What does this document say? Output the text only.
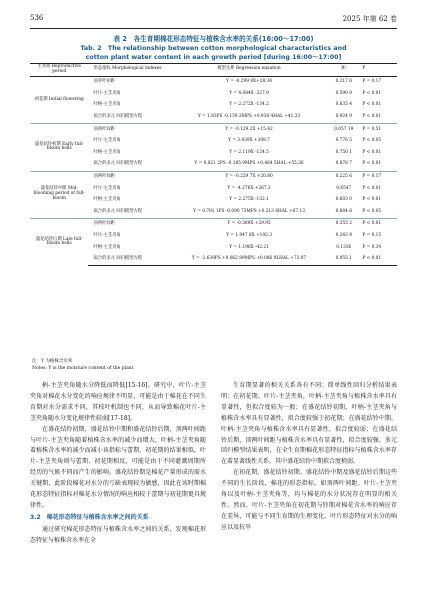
536	2025 年第 62 卷
表 2　各生育期棉花形态特征与植株含水率的关系(16:00～17:00)
Tab. 2　The relationship between cotton morphological characteristics and
cotton plant water content in each growth period [during 16:00～17:00]
生育期 Reproductive period	形态指标 Morphological indexes	模型关系 Regression equation	R²	P
初花期 Initial flowering	顶芽叶初距	Y = -0.299 8X+28.34	0.217 6	P = 0.17
	叶片-主茎夹角	Y = 4.084X -327.9	0.590 9	P < 0.01
	叶柄-主茎夹角	Y = 2.272X -134.2	0.635 4	P < 0.01
	拟合的多元 回归模型方程	Y = 1.83PS -0.159 3MPS +0.938 4HAL +41.33	0.924 9	P < 0.01
盛花结铃初期 Early full-bloom bolls	顶两叶间距	Y = -0.129 2X +15.42	0.057 19	P = 0.51
	叶片-主茎夹角	Y = 3.439X +308.7	0.776 5	P < 0.05
	叶柄-主茎夹角	Y = 2.119X -124.5	0.750 1	P < 0.01
	拟合的多元 回归模型方程	Y = 0.821 2PS -0.185 9MPS +0.464 5HAL +55.36	0.878 7	P < 0.01
盛花结铃中期 Mid-blooming period of full-bloom	顶两叶间距	Y = -0.229 7X +20.80	0.225 6	P = 0.17
	叶片-主茎夹角	Y = -4.276X +267.3	0.6547	P < 0.01
	叶柄-主茎夹角	Y = 2.275X -132.1	0.603 0	P < 0.01
	拟合的多元 回归模型方程	Y = 0.781 1PS -0.090 73MPS +0.213 8HAL +67.13	0.684 8	P < 0.05
盛花结铃后期 Late full-bloom bolls	顶两叶间距	Y = -0.369X +29.95	0.355 2	P < 0.01
	叶片-主茎夹角	Y = 1.947 8X +192.3	0.243 9	P = 0.15
	叶柄-主茎夹角	Y = 1.196X -42.21	0.1336	P = 0.34
	拟合的多元 回归模型方程	Y = -2.639PS +0.062 89MPS +0.086 9LHAL +73.87	0.955 1	P < 0.01
注：Y 为植株含水率
Notes: Y is the moisture content of the plant

柄-主茎夹角随水分降低而降低[15-16]。研究中，叶片-主茎夹角对棉花水分变化的响应规律不明显，可能是由于棉花在不同生育期对水分需求不同，其枝叶机制也不同，从而导致棉花叶片-主茎夹角随水分变化规律性较弱[17-18]。

在盛花结铃初期，盛花结铃中期和盛花结铃后期，顶两叶间距与叶片-主茎夹角随着植株含水率的减少而增大，叶柄-主茎夹角随着植株含水率的减少而减小该指标与蕾期、初花期的结果相似，叶片-主茎夹角则与蕾期、初花期相反，可能是由于不同灌溉周期所经历的气候不同而产生的影响。盛花结铃期是棉花产量形成的需水关键期，此阶段棉花对水分的亏缺表现较为敏感，因此在该时期棉花形态特征指标对棉花水分情况的响应相较于蕾期与初花期更具规律性。

3.2　棉花形态特征与植株含水率之间的关系

通过研究棉花形态特征与植株含水率之间的关系，发现棉花形态特征与植株含水率在全

生育期显著的相关关系各有不同；简单线性回归分析结果表明：在初花期，叶片-主茎夹角，叶柄-主茎夹角与植株含水率具有显著性，但拟合度较为一般；在盛花结铃初期，叶柄-主茎夹角与植株含水率具有显著性，拟合度较强于初花期；在盛花结铃中期，叶柄-主茎夹角与植株含水率具有显著性，拟合度较弱；在盛花结铃后期，顶两叶间距与植株含水率具有显著性，拟合度较强。多元回归模型结果表明，在全生育期棉花形态特征指标与植株含水率存在着显著线性关系，其中盛花结铃中期拟合度稍弱。

在初花期、盛花结铃初期、盛花结铃中期及盛花结铃后期这些不同的生长阶段，棉花的形态指标，如顶两叶间距、叶片-主茎夹角以及叶柄-主茎夹角等，均与棉花的水分状况存在明显的相关性。然而，叶片-主茎夹角在初花期与铃期对棉花含水率的响应存在差异，可能与不同生育期的生理变化、叶片形态特征对水分的响应以及抗旱
